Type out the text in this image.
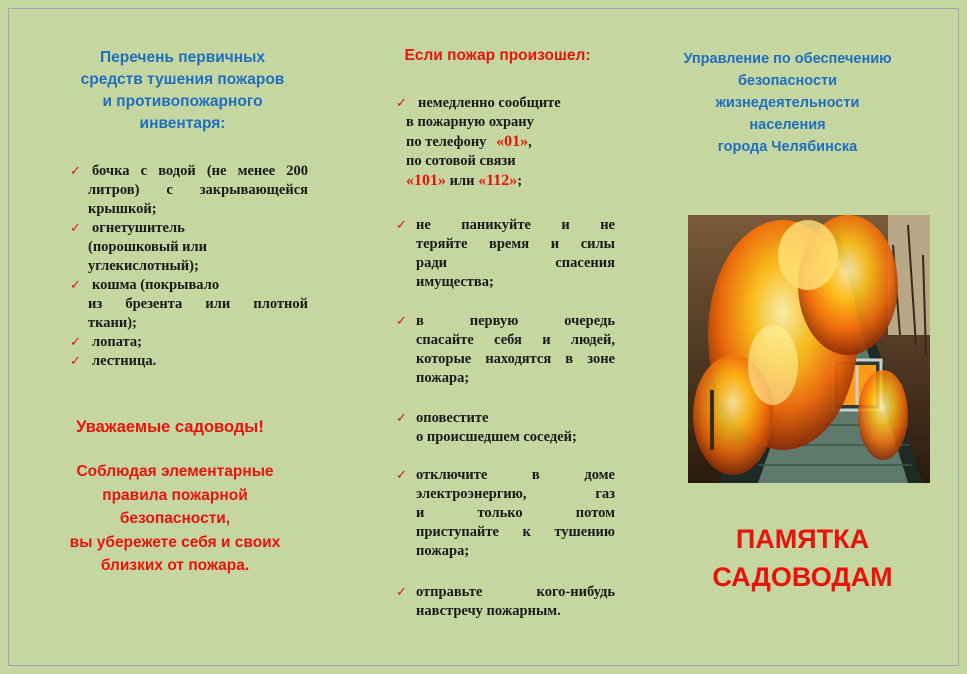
Перечень первичных
средств тушения пожаров
и противопожарного
инвентаря:
✓ бочка с водой (не менее 200
литров) с закрывающейся
крышкой;
✓ огнетушитель
(порошковый или
углекислотный);
✓ кошма (покрывало
из брезента или плотной
ткани);
✓ лопата;
✓ лестница.
Уважаемые садоводы!
Соблюдая элементарные
правила пожарной
безопасности,
вы убережете себя и своих
близких от пожара.
Если пожар произошел:
✓ немедленно сообщите
в пожарную охрану
по телефону «01»,
по сотовой связи
«101» или «112»;
✓ не паникуйте и не
теряйте время и силы
ради спасения
имущества;
✓ в первую очередь
спасайте себя и людей,
которые находятся в зоне
пожара;
✓ оповестите
о происшедшем соседей;
✓ отключите в доме
электроэнергию, газ
и только потом
приступайте к тушению
пожара;
✓ отправьте кого-нибудь
навстречу пожарным.
Управление по обеспечению
безопасности
жизнедеятельности
населения
города Челябинска
ПАМЯТКА
САДОВОДАМ
